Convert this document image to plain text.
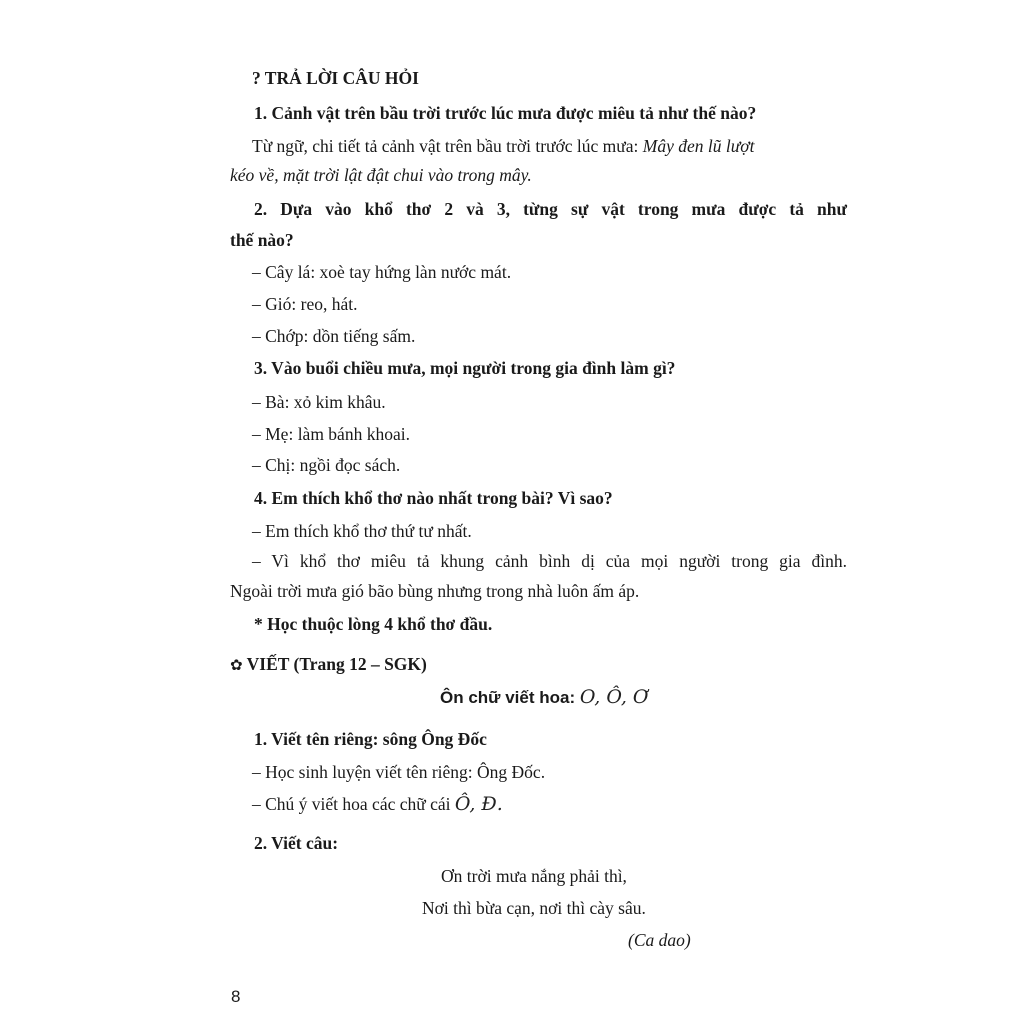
? TRẢ LỜI CÂU HỎI
1. Cảnh vật trên bầu trời trước lúc mưa được miêu tả như thế nào?
Từ ngữ, chi tiết tả cảnh vật trên bầu trời trước lúc mưa: Mây đen lũ lượt
kéo về, mặt trời lật đật chui vào trong mây.
2. Dựa vào khổ thơ 2 và 3, từng sự vật trong mưa được tả như
thế nào?
– Cây lá: xoè tay hứng làn nước mát.
– Gió: reo, hát.
– Chớp: dồn tiếng sấm.
3. Vào buổi chiều mưa, mọi người trong gia đình làm gì?
– Bà: xỏ kim khâu.
– Mẹ: làm bánh khoai.
– Chị: ngồi đọc sách.
4. Em thích khổ thơ nào nhất trong bài? Vì sao?
– Em thích khổ thơ thứ tư nhất.
– Vì khổ thơ miêu tả khung cảnh bình dị của mọi người trong gia đình.
Ngoài trời mưa gió bão bùng nhưng trong nhà luôn ấm áp.
* Học thuộc lòng 4 khổ thơ đầu.
✿ VIẾT (Trang 12 – SGK)
Ôn chữ viết hoa: O, Ô, Ơ
1. Viết tên riêng: sông Ông Đốc
– Học sinh luyện viết tên riêng: Ông Đốc.
– Chú ý viết hoa các chữ cái Ô, Đ.
2. Viết câu:
Ơn trời mưa nắng phải thì,
Nơi thì bừa cạn, nơi thì cày sâu.
(Ca dao)
8
